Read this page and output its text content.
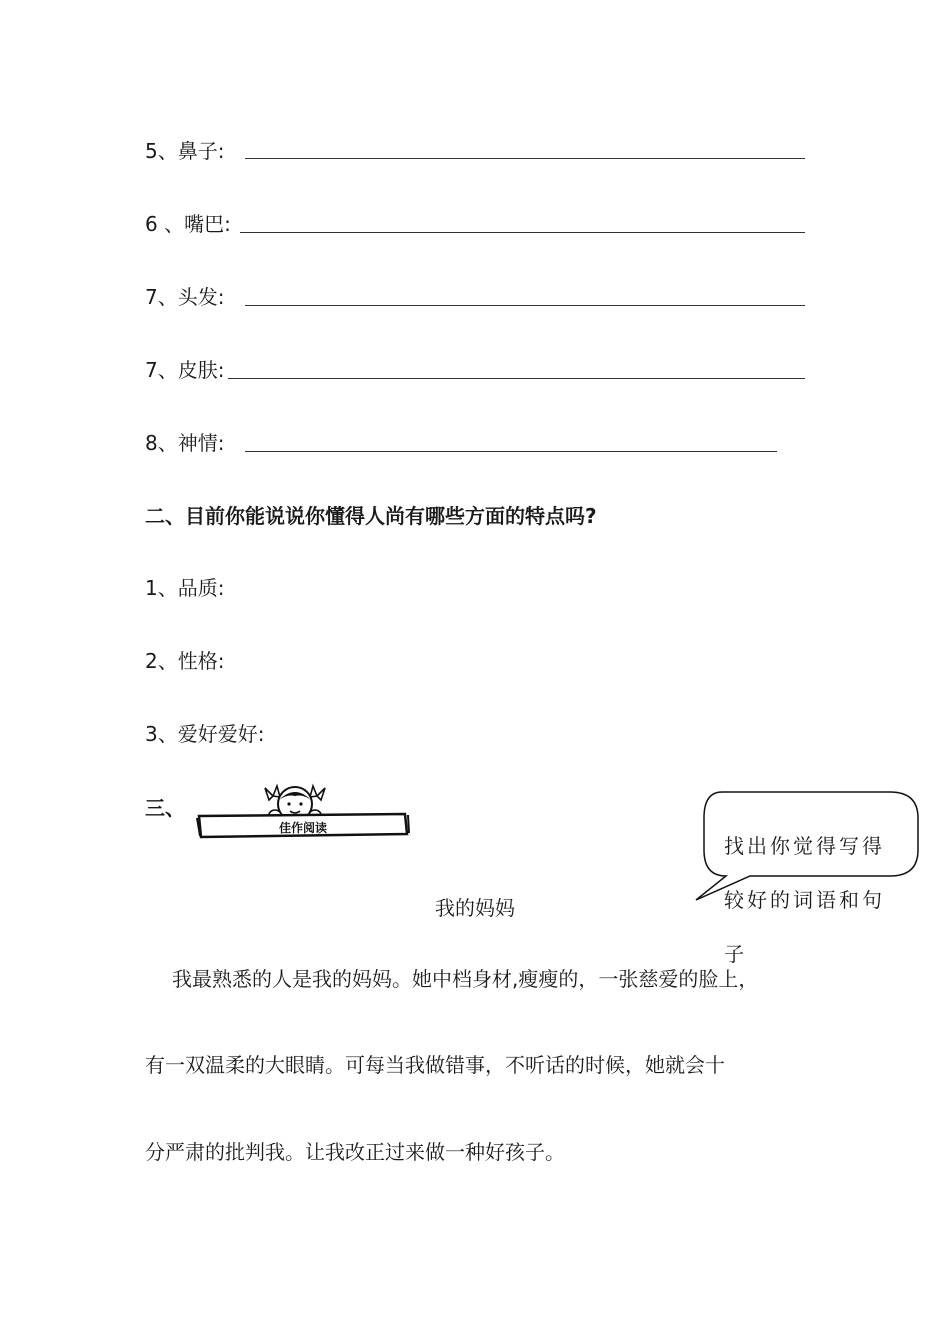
5、鼻子:
6 、嘴巴:
7、头发:
7、皮肤:
8、神情:
二、目前你能说说你懂得人尚有哪些方面的特点吗?
1、品质:
2、性格:
3、爱好爱好:
三、
佳作阅读
找出你觉得写得
较好的词语和句
子
我的妈妈
我最熟悉的人是我的妈妈。她中档身材,瘦瘦的，一张慈爱的脸上，
有一双温柔的大眼睛。可每当我做错事，不听话的时候，她就会十
分严肃的批判我。让我改正过来做一种好孩子。
